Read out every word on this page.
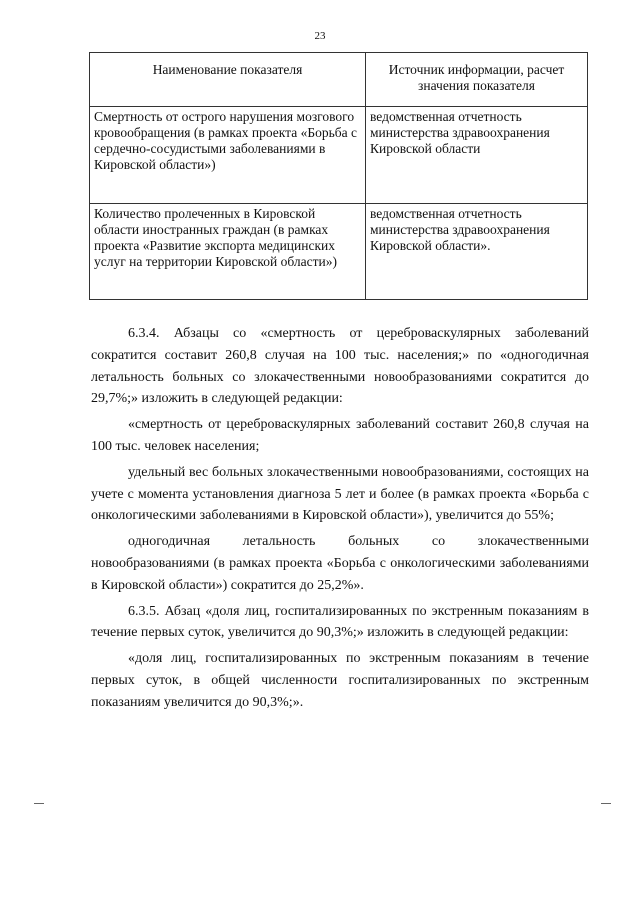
23
Наименование показателя	Источник информации, расчет значения показателя
Смертность от острого нарушения мозгового кровообращения (в рамках проекта «Борьба с сердечно-сосудистыми заболеваниями в Кировской области»)	ведомственная отчетность министерства здравоохранения Кировской области
Количество пролеченных в Кировской области иностранных граждан (в рамках проекта «Развитие экспорта медицинских услуг на территории Кировской области»)	ведомственная отчетность министерства здравоохранения Кировской области».

6.3.4. Абзацы со «смертность от цереброваскулярных заболеваний сократится составит 260,8 случая на 100 тыс. населения;» по «одногодичная летальность больных со злокачественными новообразованиями сократится до 29,7%;» изложить в следующей редакции:

«смертность от цереброваскулярных заболеваний составит 260,8 случая на 100 тыс. человек населения;

удельный вес больных злокачественными новообразованиями, состоящих на учете с момента установления диагноза 5 лет и более (в рамках проекта «Борьба с онкологическими заболеваниями в Кировской области»), увеличится до 55%;

одногодичная летальность больных со злокачественными новообразованиями (в рамках проекта «Борьба с онкологическими заболеваниями в Кировской области») сократится до 25,2%».

6.3.5. Абзац «доля лиц, госпитализированных по экстренным показаниям в течение первых суток, увеличится до 90,3%;» изложить в следующей редакции:

«доля лиц, госпитализированных по экстренным показаниям в течение первых суток, в общей численности госпитализированных по экстренным показаниям увеличится до 90,3%;».
